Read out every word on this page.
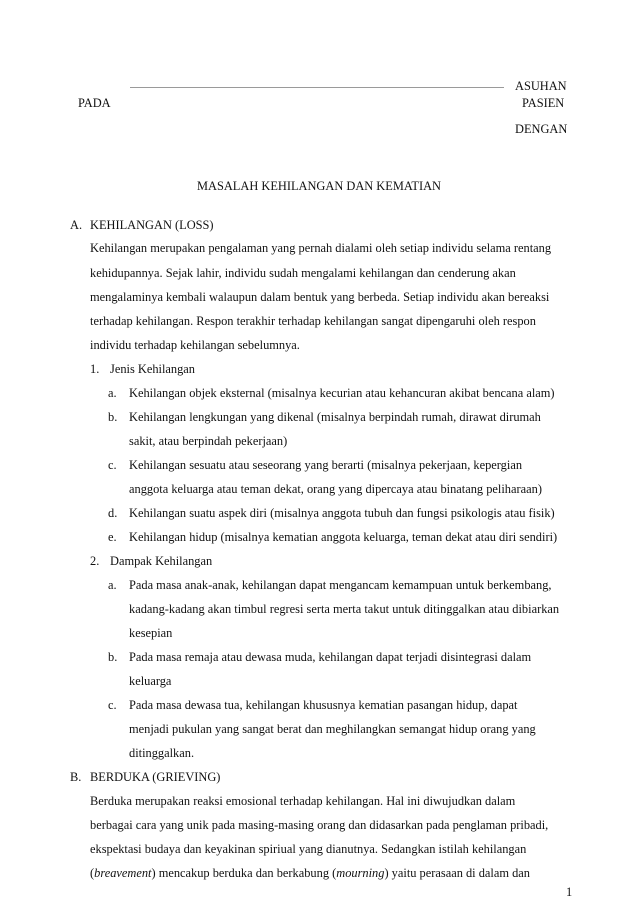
ASUHAN
PADA	PASIEN
DENGAN
MASALAH KEHILANGAN DAN KEMATIAN
A. KEHILANGAN (LOSS)
Kehilangan merupakan pengalaman yang pernah dialami oleh setiap individu selama rentang
kehidupannya. Sejak lahir, individu sudah mengalami kehilangan dan cenderung akan
mengalaminya kembali walaupun dalam bentuk yang berbeda. Setiap individu akan bereaksi
terhadap kehilangan. Respon terakhir terhadap kehilangan sangat dipengaruhi oleh respon
individu terhadap kehilangan sebelumnya.
1. Jenis Kehilangan
a. Kehilangan objek eksternal (misalnya kecurian atau kehancuran akibat bencana alam)
b. Kehilangan lengkungan yang dikenal (misalnya berpindah rumah, dirawat dirumah
sakit, atau berpindah pekerjaan)
c. Kehilangan sesuatu atau seseorang yang berarti (misalnya pekerjaan, kepergian
anggota keluarga atau teman dekat, orang yang dipercaya atau binatang peliharaan)
d. Kehilangan suatu aspek diri (misalnya anggota tubuh dan fungsi psikologis atau fisik)
e. Kehilangan hidup (misalnya kematian anggota keluarga, teman dekat atau diri sendiri)
2. Dampak Kehilangan
a. Pada masa anak-anak, kehilangan dapat mengancam kemampuan untuk berkembang,
kadang-kadang akan timbul regresi serta merta takut untuk ditinggalkan atau dibiarkan
kesepian
b. Pada masa remaja atau dewasa muda, kehilangan dapat terjadi disintegrasi dalam
keluarga
c. Pada masa dewasa tua, kehilangan khususnya kematian pasangan hidup, dapat
menjadi pukulan yang sangat berat dan meghilangkan semangat hidup orang yang
ditinggalkan.
B. BERDUKA (GRIEVING)
Berduka merupakan reaksi emosional terhadap kehilangan. Hal ini diwujudkan dalam
berbagai cara yang unik pada masing-masing orang dan didasarkan pada penglaman pribadi,
ekspektasi budaya dan keyakinan spiriual yang dianutnya. Sedangkan istilah kehilangan
(breavement) mencakup berduka dan berkabung (mourning) yaitu perasaan di dalam dan
1
